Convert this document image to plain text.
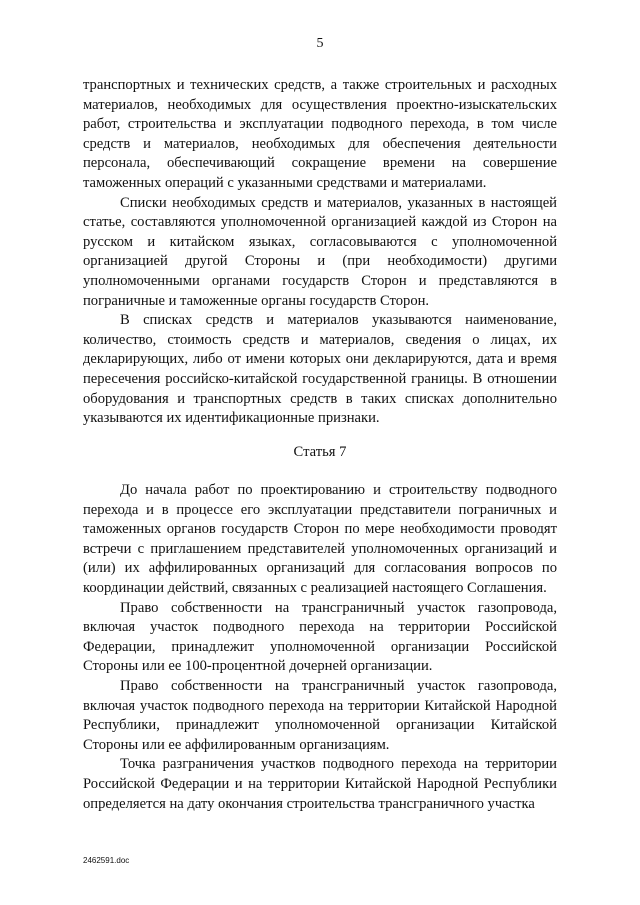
5

транспортных и технических средств, а также строительных и расходных материалов, необходимых для осуществления проектно-изыскательских работ, строительства и эксплуатации подводного перехода, в том числе средств и материалов, необходимых для обеспечения деятельности персонала, обеспечивающий сокращение времени на совершение таможенных операций с указанными средствами и материалами.

Списки необходимых средств и материалов, указанных в настоящей статье, составляются уполномоченной организацией каждой из Сторон на русском и китайском языках, согласовываются с уполномоченной организацией другой Стороны и (при необходимости) другими уполномоченными органами государств Сторон и представляются в пограничные и таможенные органы государств Сторон.

В списках средств и материалов указываются наименование, количество, стоимость средств и материалов, сведения о лицах, их декларирующих, либо от имени которых они декларируются, дата и время пересечения российско-китайской государственной границы. В отношении оборудования и транспортных средств в таких списках дополнительно указываются их идентификационные признаки.

Статья 7

До начала работ по проектированию и строительству подводного перехода и в процессе его эксплуатации представители пограничных и таможенных органов государств Сторон по мере необходимости проводят встречи с приглашением представителей уполномоченных организаций и (или) их аффилированных организаций для согласования вопросов по координации действий, связанных с реализацией настоящего Соглашения.

Право собственности на трансграничный участок газопровода, включая участок подводного перехода на территории Российской Федерации, принадлежит уполномоченной организации Российской Стороны или ее 100-процентной дочерней организации.

Право собственности на трансграничный участок газопровода, включая участок подводного перехода на территории Китайской Народной Республики, принадлежит уполномоченной организации Китайской Стороны или ее аффилированным организациям.

Точка разграничения участков подводного перехода на территории Российской Федерации и на территории Китайской Народной Республики определяется на дату окончания строительства трансграничного участка

2462591.doc
